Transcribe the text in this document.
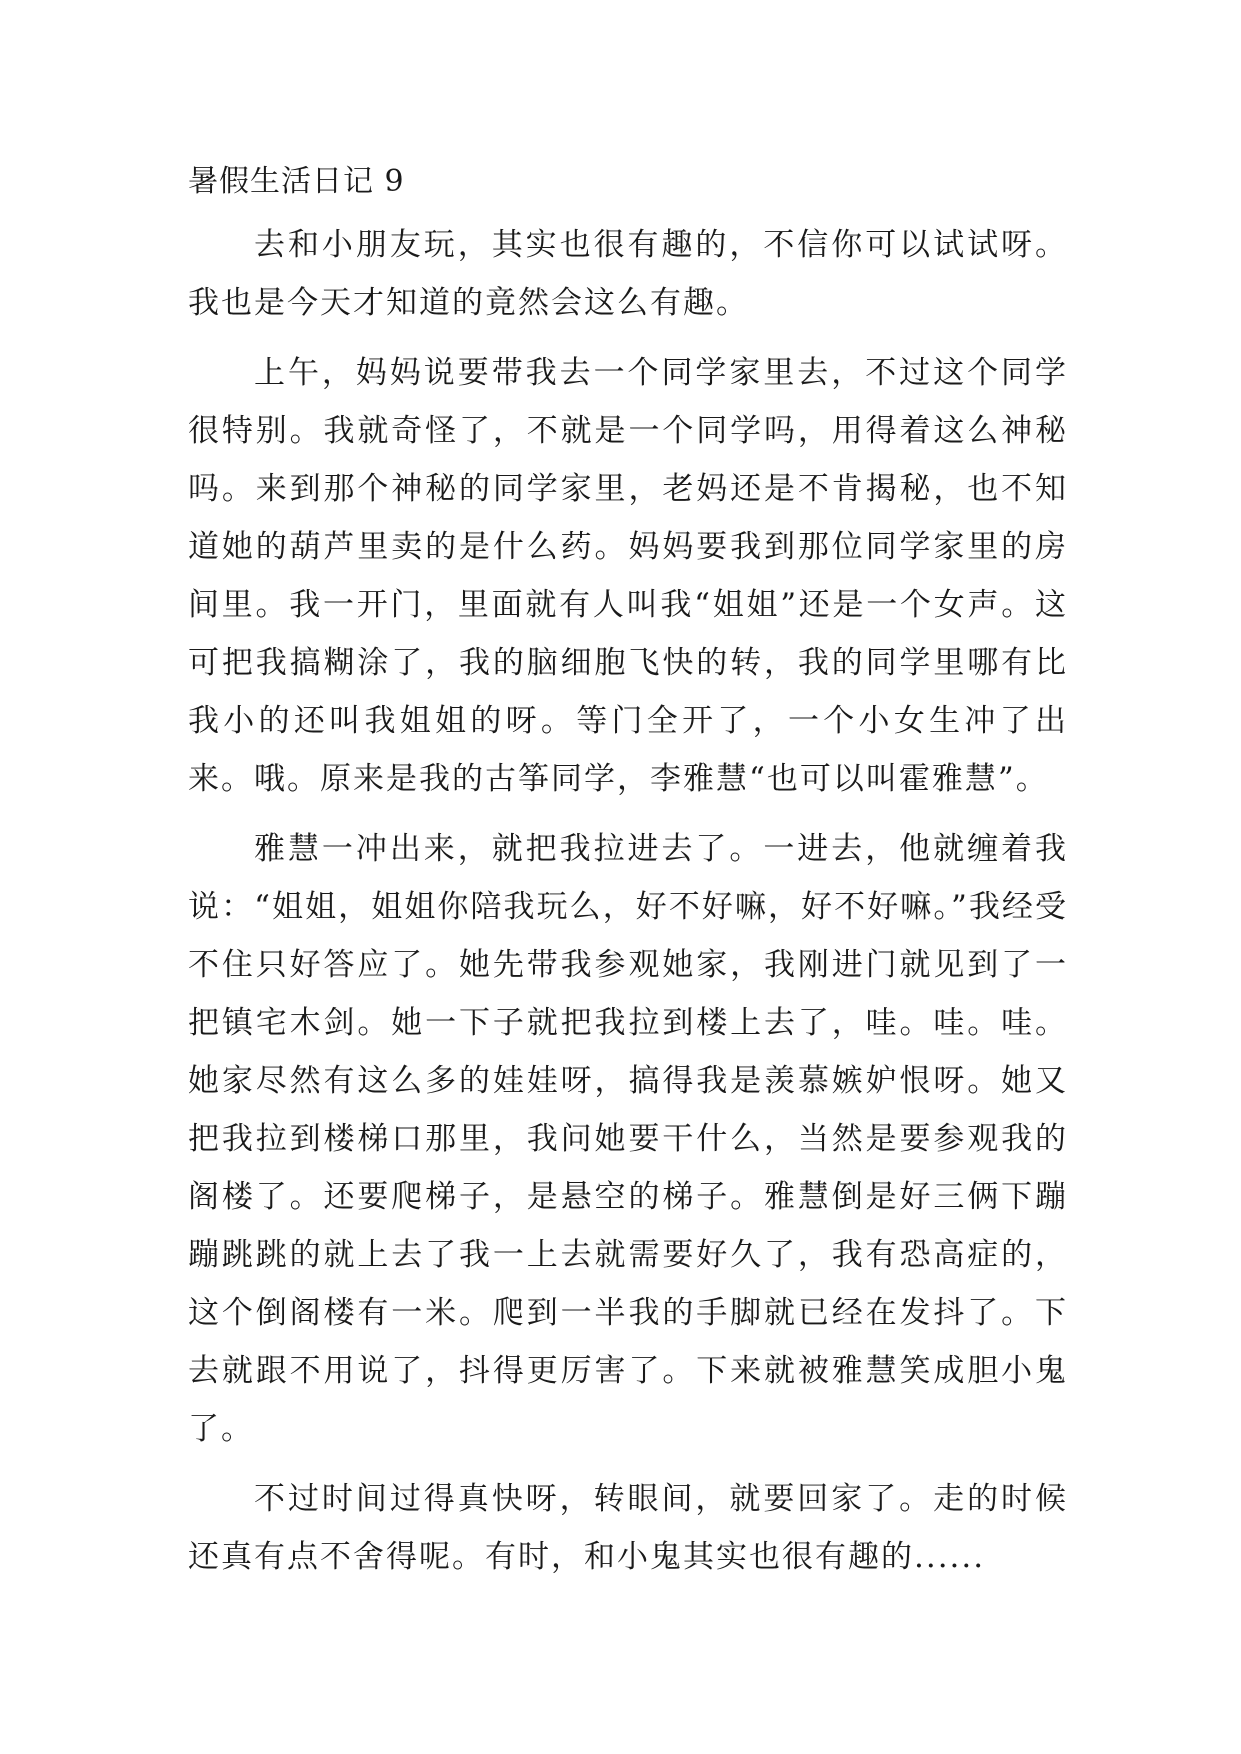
暑假生活日记 9

去和小朋友玩，其实也很有趣的，不信你可以试试呀。我也是今天才知道的竟然会这么有趣。

上午，妈妈说要带我去一个同学家里去，不过这个同学很特别。我就奇怪了，不就是一个同学吗，用得着这么神秘吗。来到那个神秘的同学家里，老妈还是不肯揭秘，也不知道她的葫芦里卖的是什么药。妈妈要我到那位同学家里的房间里。我一开门，里面就有人叫我“姐姐”还是一个女声。这可把我搞糊涂了，我的脑细胞飞快的转，我的同学里哪有比我小的还叫我姐姐的呀。等门全开了，一个小女生冲了出来。哦。原来是我的古筝同学，李雅慧“也可以叫霍雅慧”。

雅慧一冲出来，就把我拉进去了。一进去，他就缠着我说：“姐姐，姐姐你陪我玩么，好不好嘛，好不好嘛。”我经受不住只好答应了。她先带我参观她家，我刚进门就见到了一把镇宅木剑。她一下子就把我拉到楼上去了，哇。哇。哇。她家尽然有这么多的娃娃呀，搞得我是羡慕嫉妒恨呀。她又把我拉到楼梯口那里，我问她要干什么，当然是要参观我的阁楼了。还要爬梯子，是悬空的梯子。雅慧倒是好三俩下蹦蹦跳跳的就上去了我一上去就需要好久了，我有恐高症的，这个倒阁楼有一米。爬到一半我的手脚就已经在发抖了。下去就跟不用说了，抖得更厉害了。下来就被雅慧笑成胆小鬼了。

不过时间过得真快呀，转眼间，就要回家了。走的时候还真有点不舍得呢。有时，和小鬼其实也很有趣的......
